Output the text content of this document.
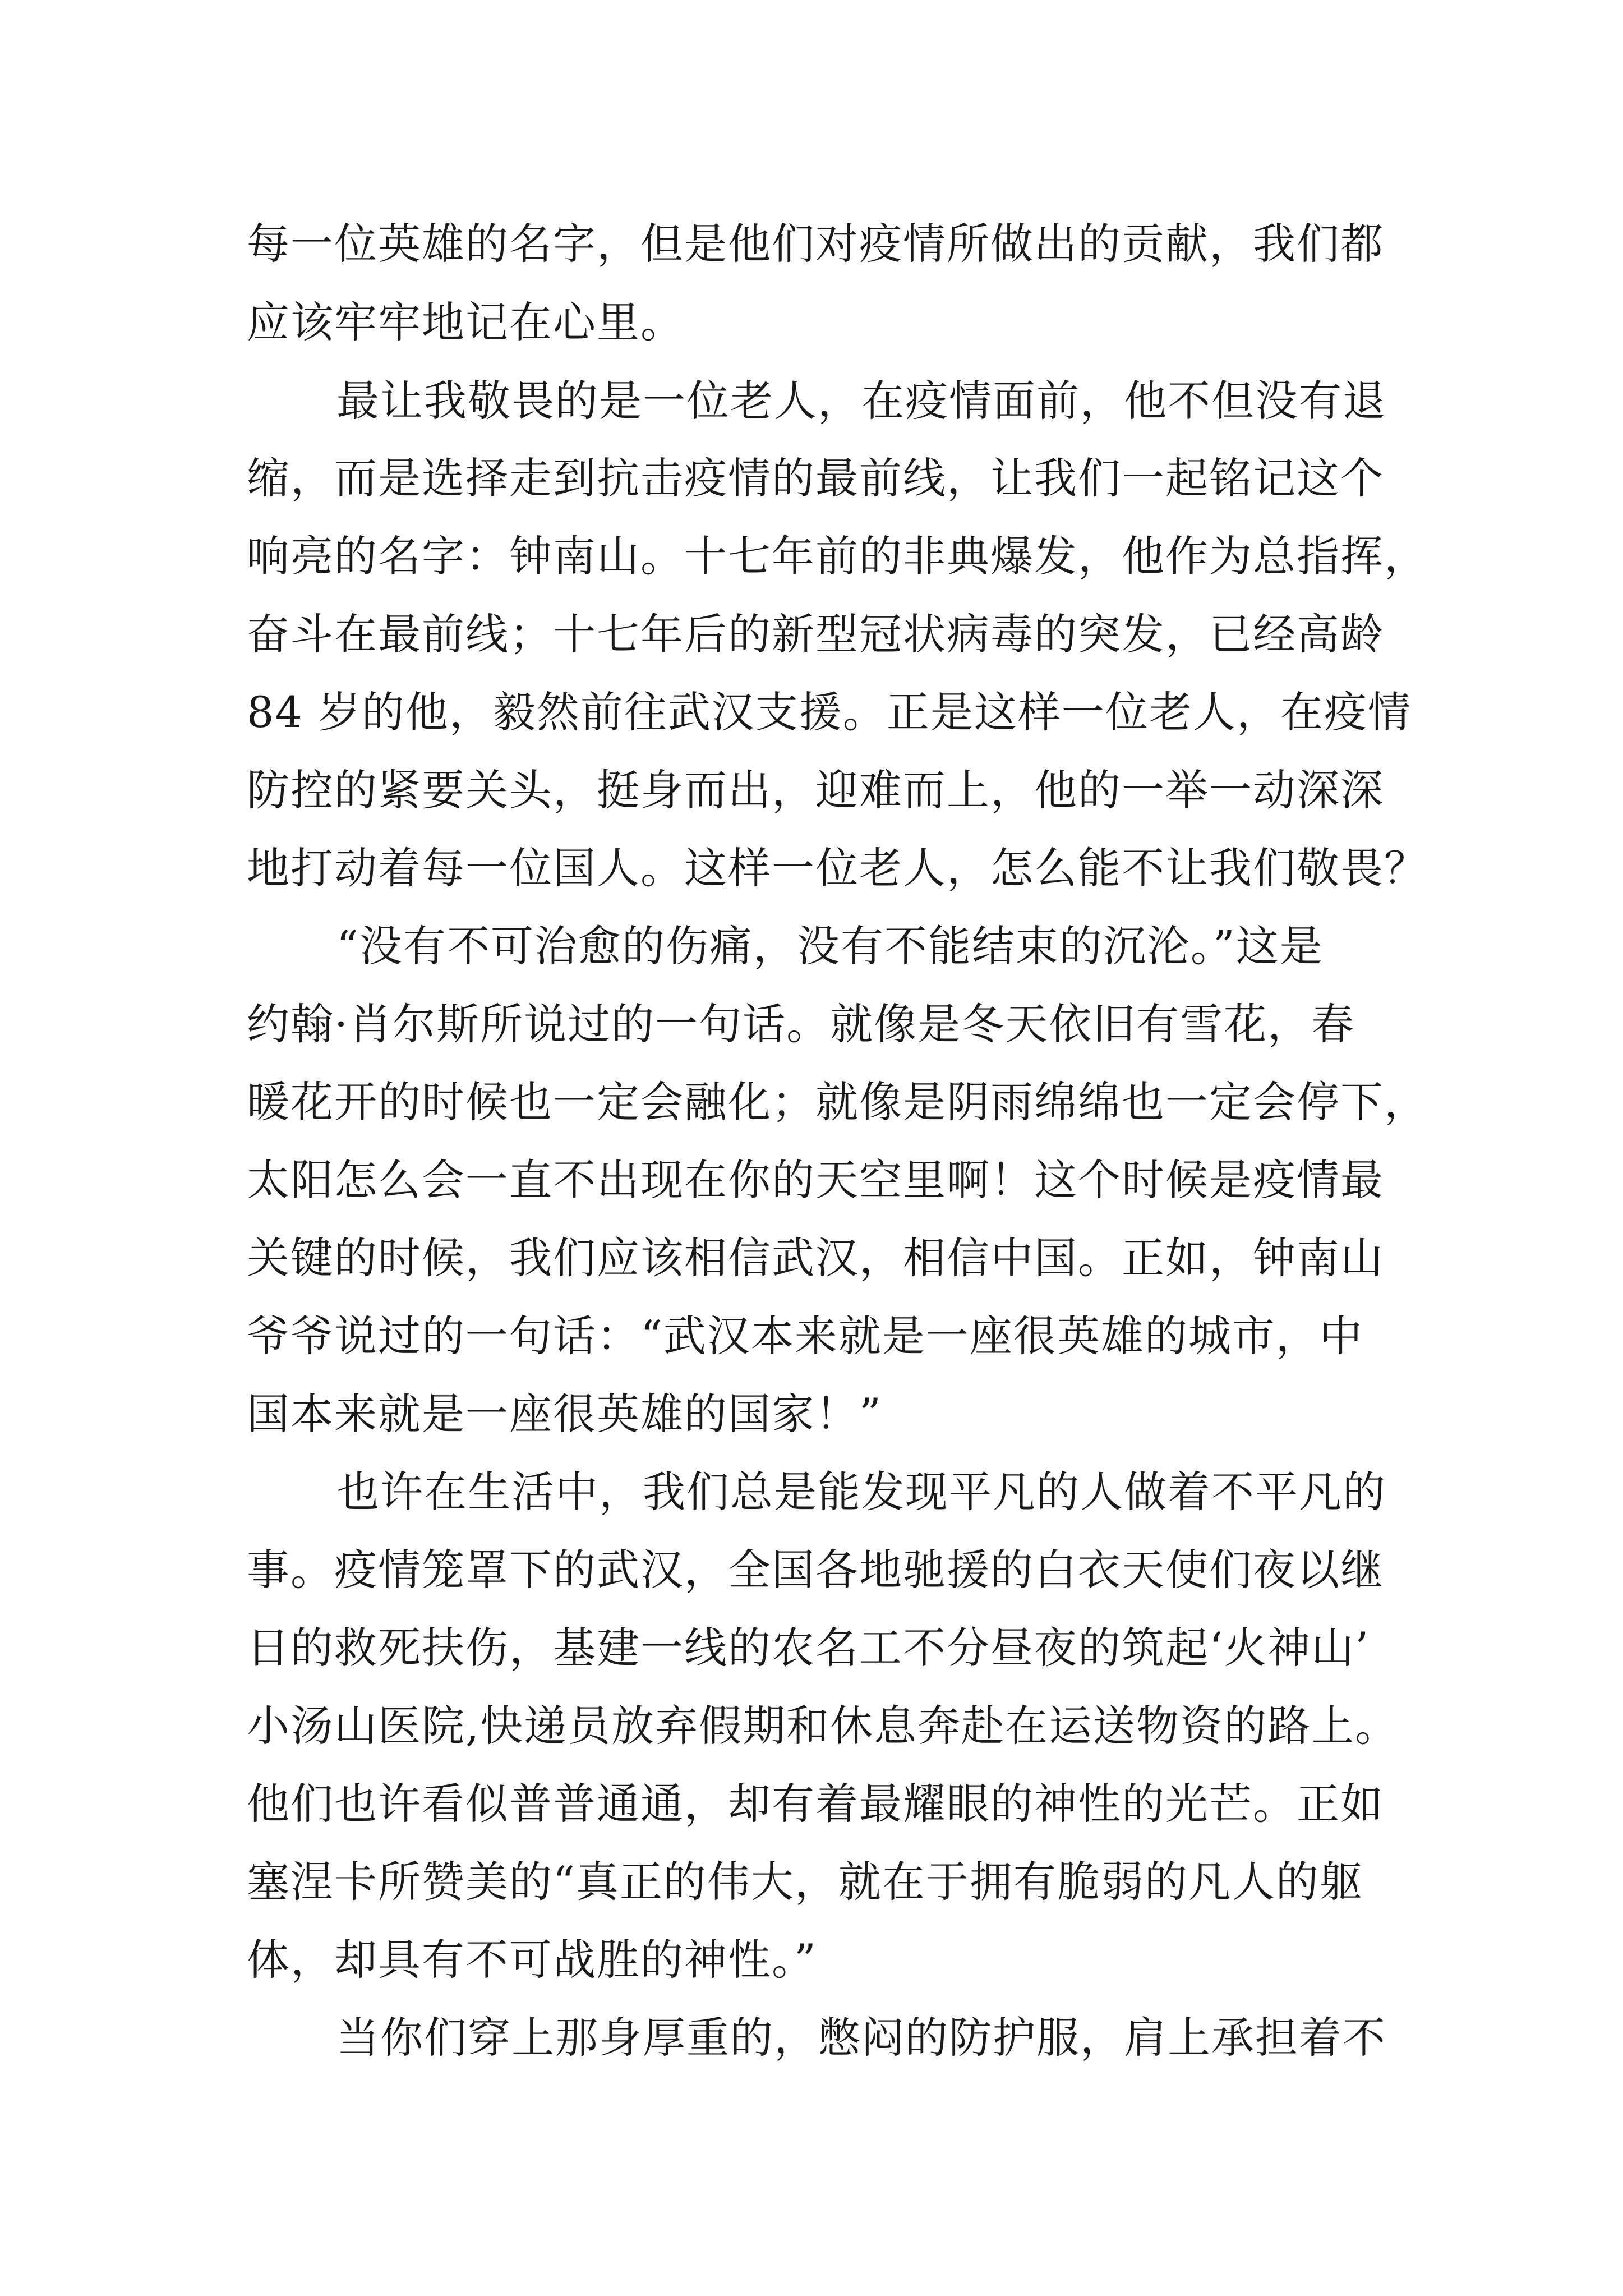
每一位英雄的名字，但是他们对疫情所做出的贡献，我们都

应该牢牢地记在心里。

最让我敬畏的是一位老人，在疫情面前，他不但没有退

缩，而是选择走到抗击疫情的最前线，让我们一起铭记这个

响亮的名字：钟南山。十七年前的非典爆发，他作为总指挥，

奋斗在最前线；十七年后的新型冠状病毒的突发，已经高龄

84 岁的他，毅然前往武汉支援。正是这样一位老人，在疫情

防控的紧要关头，挺身而出，迎难而上，他的一举一动深深

地打动着每一位国人。这样一位老人，怎么能不让我们敬畏？

“没有不可治愈的伤痛，没有不能结束的沉沦。”这是

约翰·肖尔斯所说过的一句话。就像是冬天依旧有雪花，春

暖花开的时候也一定会融化；就像是阴雨绵绵也一定会停下，

太阳怎么会一直不出现在你的天空里啊！这个时候是疫情最

关键的时候，我们应该相信武汉，相信中国。正如，钟南山

爷爷说过的一句话：“武汉本来就是一座很英雄的城市，中

国本来就是一座很英雄的国家！”

也许在生活中，我们总是能发现平凡的人做着不平凡的

事。疫情笼罩下的武汉，全国各地驰援的白衣天使们夜以继

日的救死扶伤，基建一线的农名工不分昼夜的筑起‘火神山’

小汤山医院,快递员放弃假期和休息奔赴在运送物资的路上。

他们也许看似普普通通，却有着最耀眼的神性的光芒。正如

塞涅卡所赞美的“真正的伟大，就在于拥有脆弱的凡人的躯

体，却具有不可战胜的神性。”

当你们穿上那身厚重的，憋闷的防护服，肩上承担着不
